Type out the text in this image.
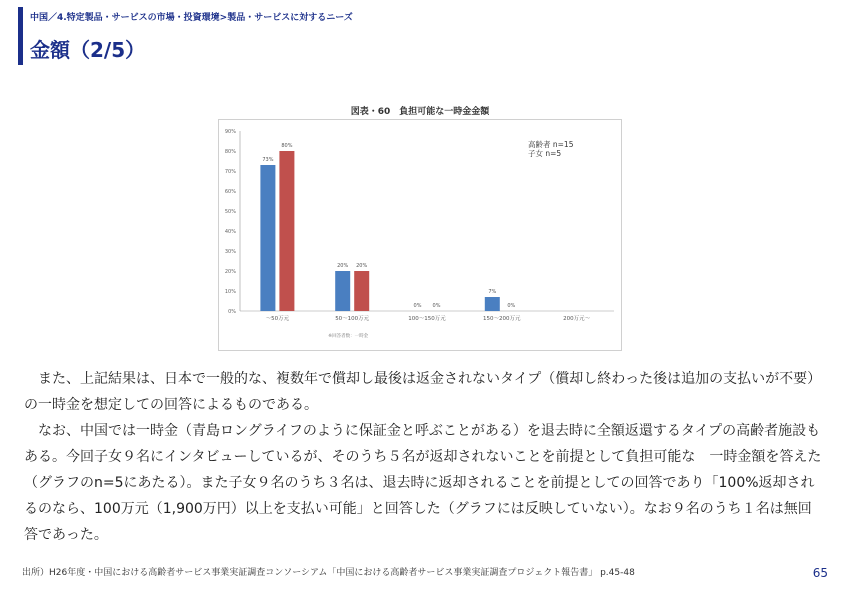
中国／4.特定製品・サービスの市場・投資環境>製品・サービスに対するニーズ
金額（2/5）
図表・60　負担可能な一時金金額
90%
80%
70%
60%
50%
40%
30%
20%
10%
0%
73%
80%
～50万元
20% 20%
50～100万元
0% 0%
100～150万元
7%
0%
150～200万元	200万元～
※回答者数：一時金
高齢者 n=15
子女 n=5

また、上記結果は、日本で一般的な、複数年で償却し最後は返金されないタイプ（償却し終わった後は追加の支払いが不要）の一時金を想定しての回答によるものである。

なお、中国では一時金（青島ロングライフのように保証金と呼ぶことがある）を退去時に全額返還するタイプの高齢者施設もある。今回子女９名にインタビューしているが、そのうち５名が返却されないことを前提として負担可能な　一時金額を答えた（グラフのn=5にあたる）。また子女９名のうち３名は、退去時に返却されることを前提としての回答であり「100%返却されるのなら、100万元（1,900万円）以上を支払い可能」と回答した（グラフには反映していない）。なお９名のうち１名は無回答であった。

出所）H26年度・中国における高齢者サービス事業実証調査コンソーシアム「中国における高齢者サービス事業実証調査プロジェクト報告書」 p.45-48	65
